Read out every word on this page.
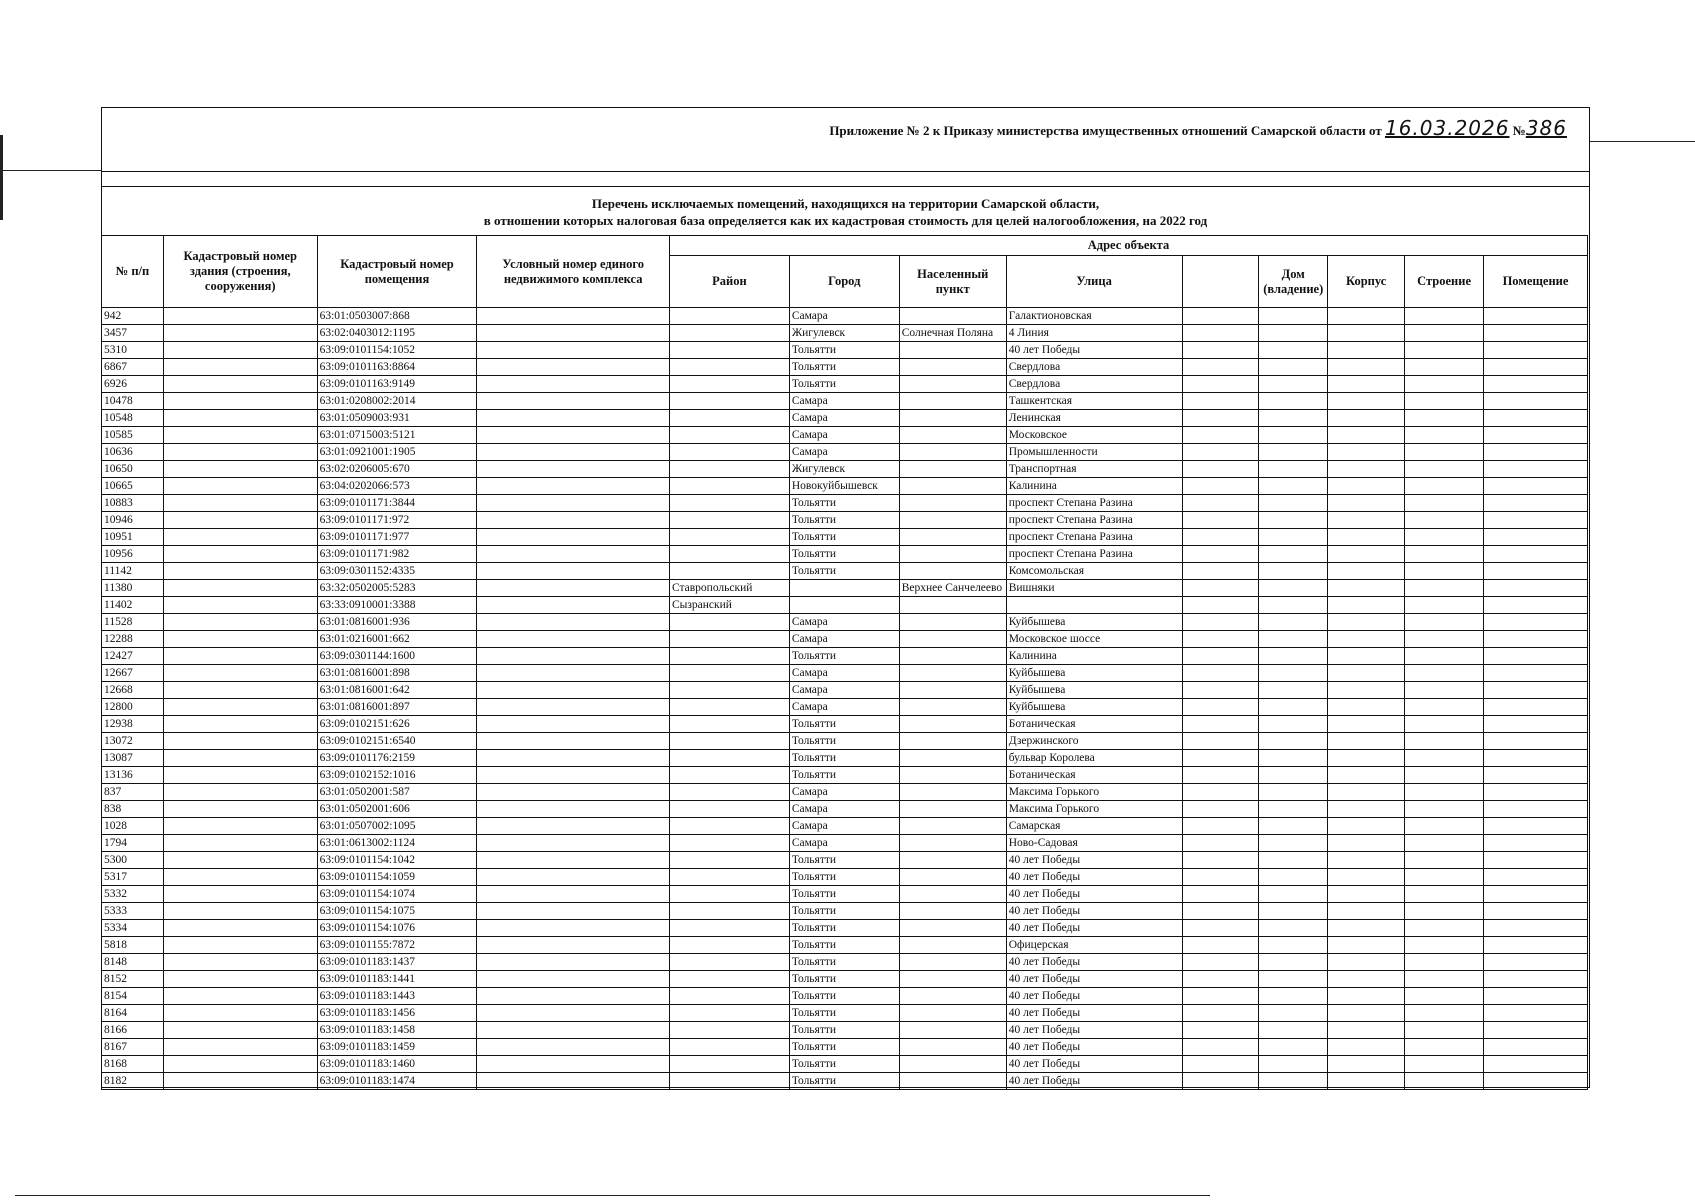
Приложение № 2 к Приказу министерства имущественных отношений Самарской области от 16.03.2026 №386
Перечень исключаемых помещений, находящихся на территории Самарской области,
в отношении которых налоговая база определяется как их кадастровая стоимость для целей налогообложения, на 2022 год
№ п/п	Кадастровый номер здания (строения, сооружения)	Кадастровый номер помещения	Условный номер единого недвижимого комплекса	Адрес объекта								
				Район	Город	Населенный пункт	Улица		Дом (владение)	Корпус	Строение	Помещение
942		63:01:0503007:868			Самара		Галактионовская					
3457		63:02:0403012:1195			Жигулевск	Солнечная Поляна	4 Линия					
5310		63:09:0101154:1052			Тольятти		40 лет Победы					
6867		63:09:0101163:8864			Тольятти		Свердлова					
6926		63:09:0101163:9149			Тольятти		Свердлова					
10478		63:01:0208002:2014			Самара		Ташкентская					
10548		63:01:0509003:931			Самара		Ленинская					
10585		63:01:0715003:5121			Самара		Московское					
10636		63:01:0921001:1905			Самара		Промышленности					
10650		63:02:0206005:670			Жигулевск		Транспортная					
10665		63:04:0202066:573			Новокуйбышевск		Калинина					
10883		63:09:0101171:3844			Тольятти		проспект Степана Разина					
10946		63:09:0101171:972			Тольятти		проспект Степана Разина					
10951		63:09:0101171:977			Тольятти		проспект Степана Разина					
10956		63:09:0101171:982			Тольятти		проспект Степана Разина					
11142		63:09:0301152:4335			Тольятти		Комсомольская					
11380		63:32:0502005:5283		Ставропольский		Верхнее Санчелеево	Вишняки					
11402		63:33:0910001:3388		Сызранский								
11528		63:01:0816001:936			Самара		Куйбышева					
12288		63:01:0216001:662			Самара		Московское шоссе					
12427		63:09:0301144:1600			Тольятти		Калинина					
12667		63:01:0816001:898			Самара		Куйбышева					
12668		63:01:0816001:642			Самара		Куйбышева					
12800		63:01:0816001:897			Самара		Куйбышева					
12938		63:09:0102151:626			Тольятти		Ботаническая					
13072		63:09:0102151:6540			Тольятти		Дзержинского					
13087		63:09:0101176:2159			Тольятти		бульвар Королева					
13136		63:09:0102152:1016			Тольятти		Ботаническая					
837		63:01:0502001:587			Самара		Максима Горького					
838		63:01:0502001:606			Самара		Максима Горького					
1028		63:01:0507002:1095			Самара		Самарская					
1794		63:01:0613002:1124			Самара		Ново-Садовая					
5300		63:09:0101154:1042			Тольятти		40 лет Победы					
5317		63:09:0101154:1059			Тольятти		40 лет Победы					
5332		63:09:0101154:1074			Тольятти		40 лет Победы					
5333		63:09:0101154:1075			Тольятти		40 лет Победы					
5334		63:09:0101154:1076			Тольятти		40 лет Победы					
5818		63:09:0101155:7872			Тольятти		Офицерская					
8148		63:09:0101183:1437			Тольятти		40 лет Победы					
8152		63:09:0101183:1441			Тольятти		40 лет Победы					
8154		63:09:0101183:1443			Тольятти		40 лет Победы					
8164		63:09:0101183:1456			Тольятти		40 лет Победы					
8166		63:09:0101183:1458			Тольятти		40 лет Победы					
8167		63:09:0101183:1459			Тольятти		40 лет Победы					
8168		63:09:0101183:1460			Тольятти		40 лет Победы					
8182		63:09:0101183:1474			Тольятти		40 лет Победы					
